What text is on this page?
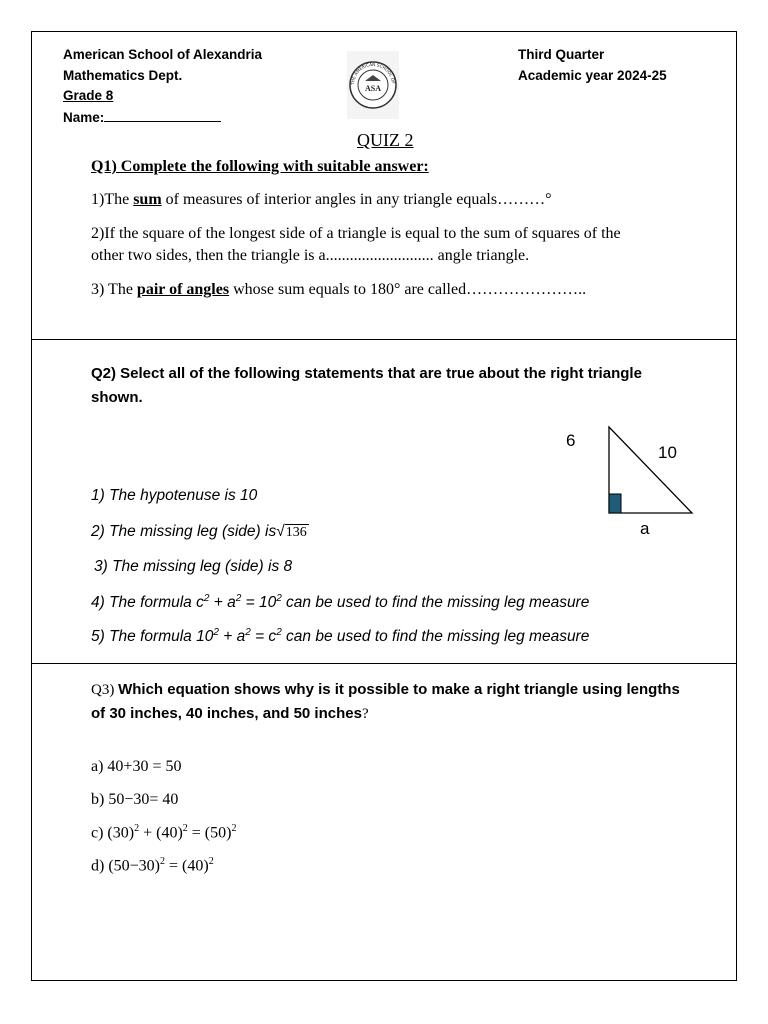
American School of Alexandria
Mathematics Dept.
Grade 8
Name:
THE AMERICAN SCHOOL OF
ASA
Third Quarter
Academic year 2024-25
QUIZ 2
Q1) Complete the following with suitable answer:
1)The sum of measures of interior angles in any triangle equals………°
2)If the square of the longest side of a triangle is equal to the sum of squares of the
other two sides, then the triangle is a........................... angle triangle.
3) The pair of angles whose sum equals to 180° are called…………………..
Q2) Select all of the following statements that are true about the right triangle shown.
6
10
a
1) The hypotenuse is 10
2) The missing leg (side) is√136
3) The missing leg (side) is 8
4) The formula $c^2 + a^2 = 10^2$ can be used to find the missing leg measure
5) The formula $10^2 + a^2 = c^2$ can be used to find the missing leg measure
Q3) Which equation shows why is it possible to make a right triangle using lengths of 30 inches, 40 inches, and 50 inches?
a) 40+30 = 50
b) 50−30= 40
c) $(30)^2 + (40)^2 = (50)^2$
d) $(50-30)^2 = (40)^2$
